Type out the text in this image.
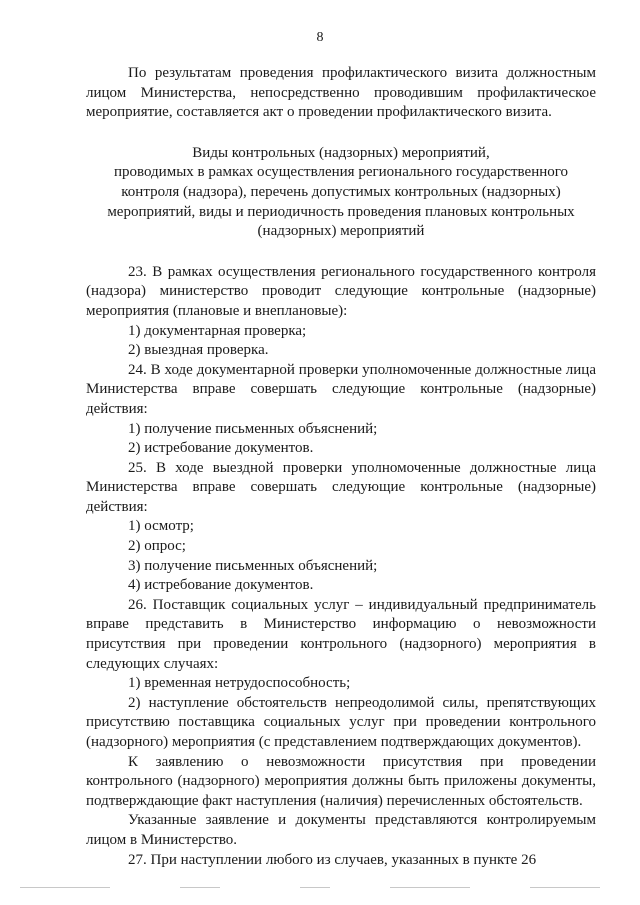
8

По результатам проведения профилактического визита должностным лицом Министерства, непосредственно проводившим профилактическое мероприятие, составляется акт о проведении профилактического визита.

Виды контрольных (надзорных) мероприятий,
проводимых в рамках осуществления регионального государственного
контроля (надзора), перечень допустимых контрольных (надзорных)
мероприятий, виды и периодичность проведения плановых контрольных
(надзорных) мероприятий

23. В рамках осуществления регионального государственного контроля (надзора) министерство проводит следующие контрольные (надзорные) мероприятия (плановые и внеплановые):

1) документарная проверка;

2) выездная проверка.

24. В ходе документарной проверки уполномоченные должностные лица Министерства вправе совершать следующие контрольные (надзорные) действия:

1) получение письменных объяснений;

2) истребование документов.

25. В ходе выездной проверки уполномоченные должностные лица Министерства вправе совершать следующие контрольные (надзорные) действия:

1) осмотр;

2) опрос;

3) получение письменных объяснений;

4) истребование документов.

26. Поставщик социальных услуг – индивидуальный предприниматель вправе представить в Министерство информацию о невозможности присутствия при проведении контрольного (надзорного) мероприятия в следующих случаях:

1) временная нетрудоспособность;

2) наступление обстоятельств непреодолимой силы, препятствующих присутствию поставщика социальных услуг при проведении контрольного (надзорного) мероприятия (с представлением подтверждающих документов).

К заявлению о невозможности присутствия при проведении контрольного (надзорного) мероприятия должны быть приложены документы, подтверждающие факт наступления (наличия) перечисленных обстоятельств.

Указанные заявление и документы представляются контролируемым лицом в Министерство.

27. При наступлении любого из случаев, указанных в пункте 26
